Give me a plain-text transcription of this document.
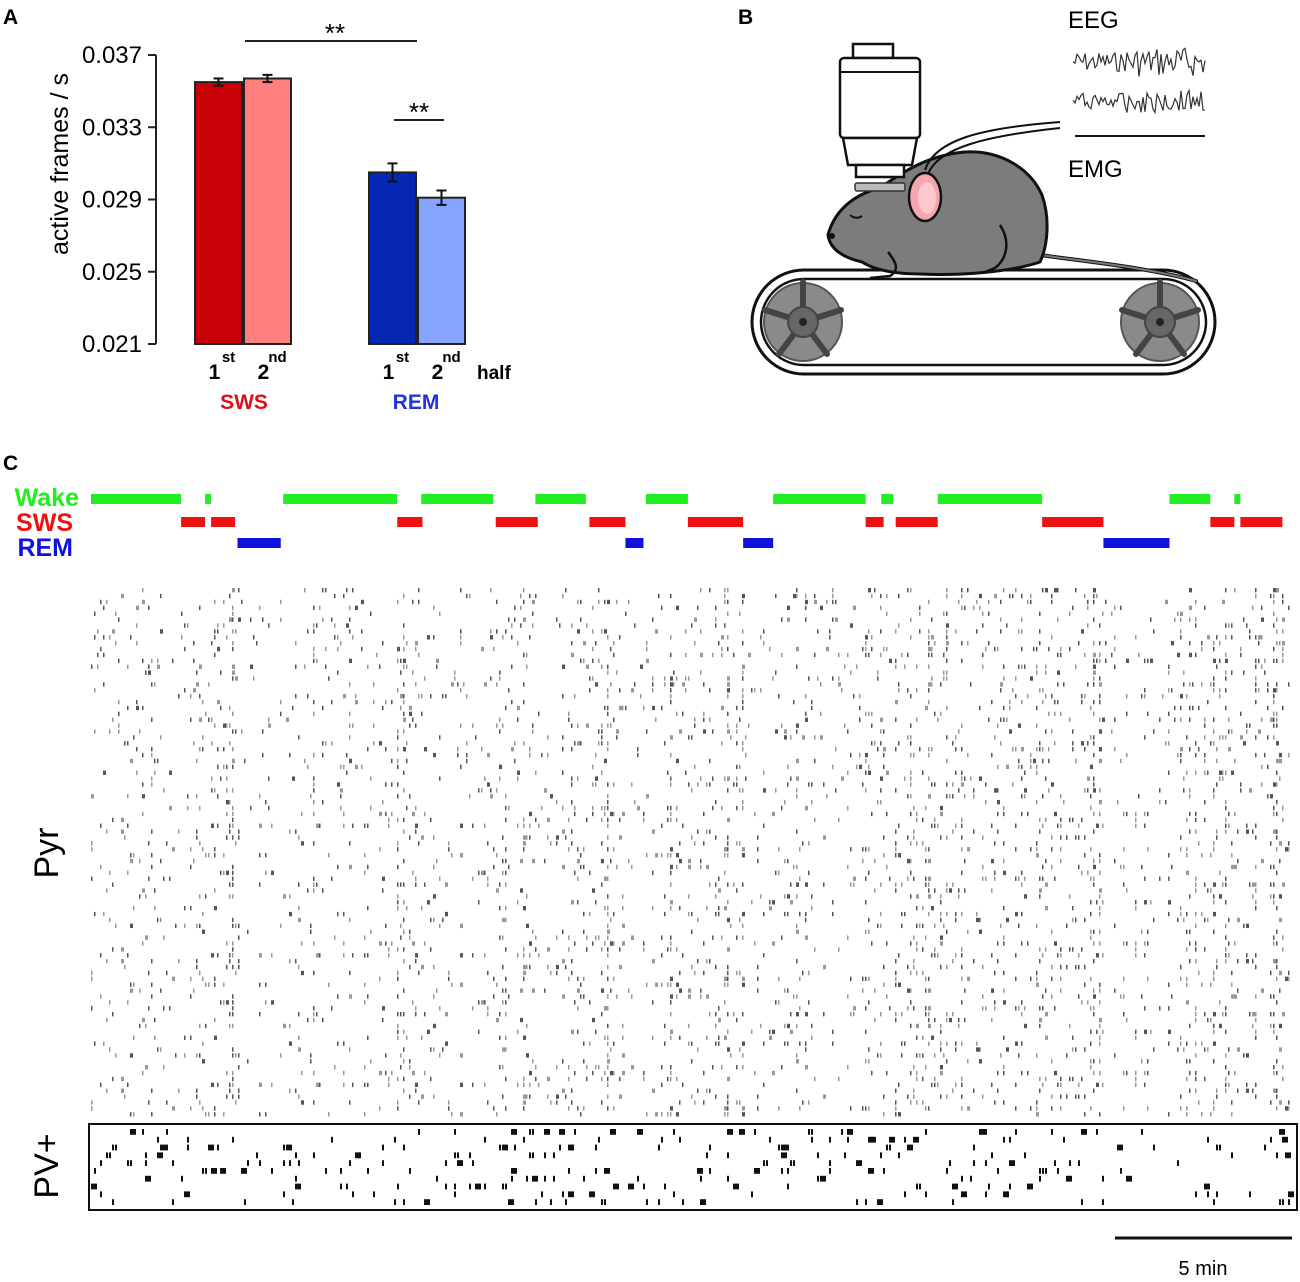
A	B
C
active frames / s
0.021
0.025
0.029
0.033
0.037
**
**
1
st
2
nd
1
st
2
nd
half
SWS	REM
EEG
EMG
Wake
SWS
REM
Pyr
PV+
5 min
